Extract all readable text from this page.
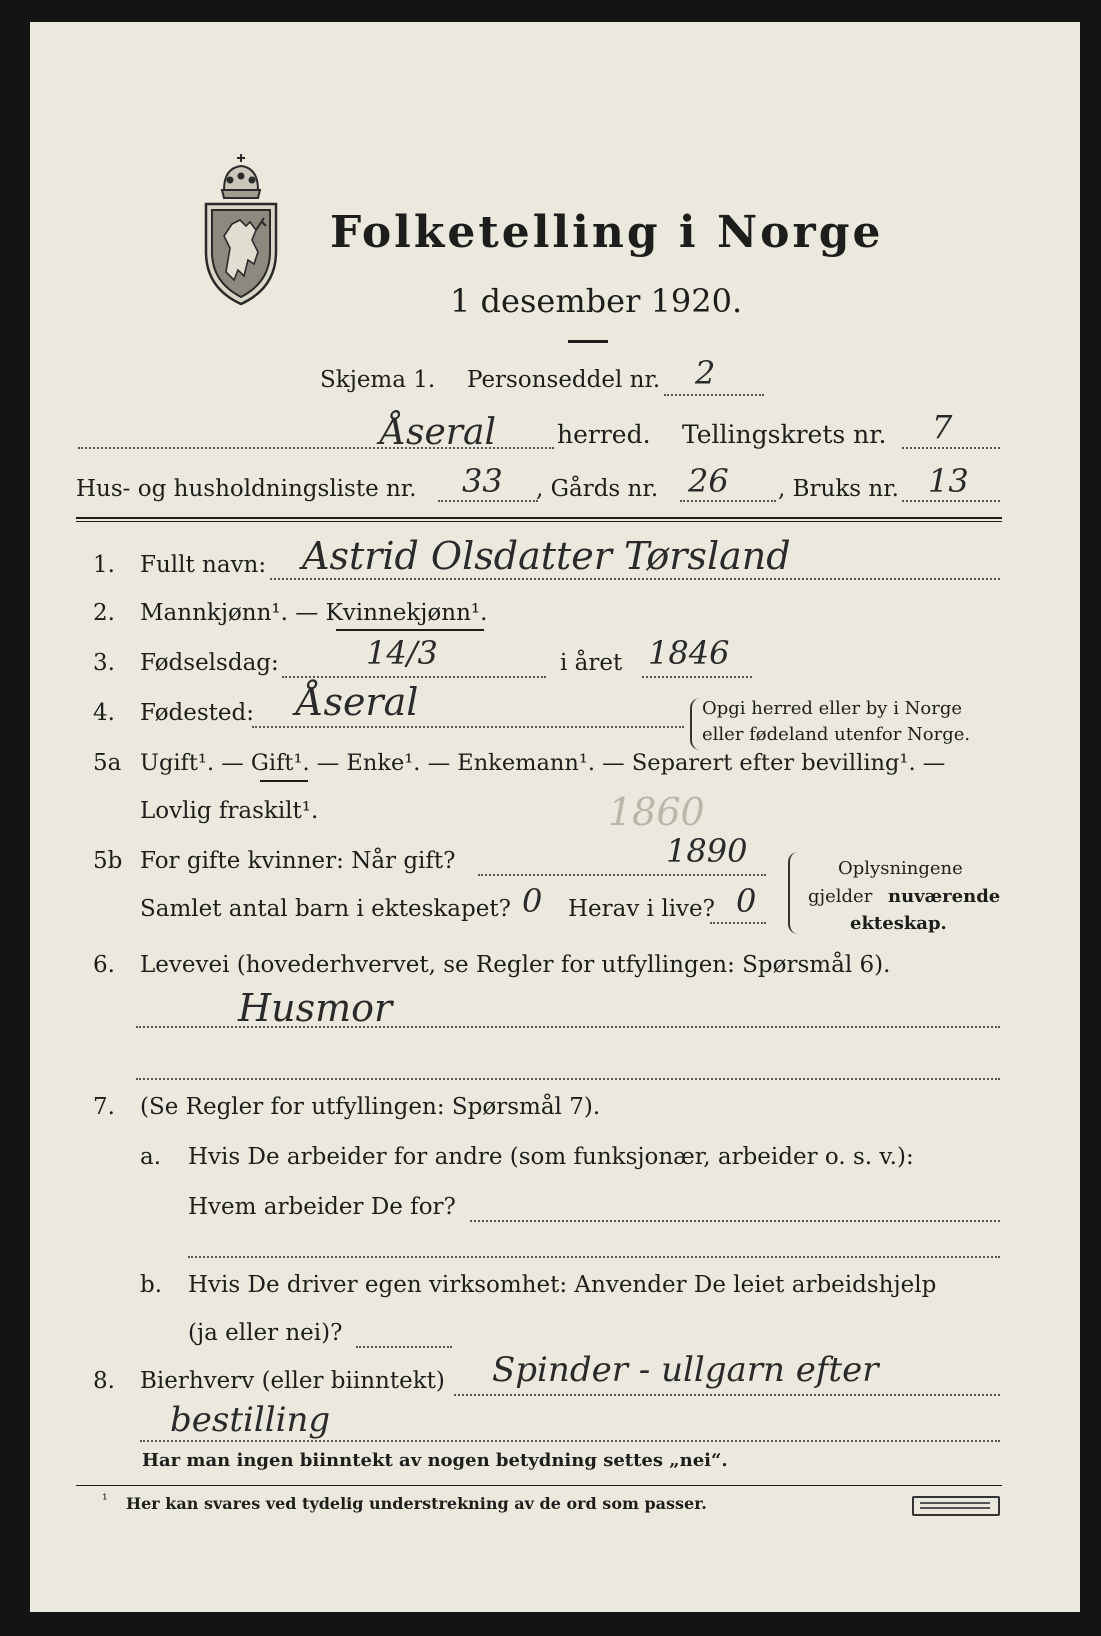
Folketelling i Norge
1 desember 1920.
Skjema 1. Personseddel nr. 2
Åseral herred. Tellingskrets nr. 7
Hus- og husholdningsliste nr. 33 , Gårds nr. 26 , Bruks nr. 13
1. Fullt navn: Astrid Olsdatter Tørsland
2. Mannkjønn¹. — Kvinnekjønn¹.
3. Fødselsdag:	14/3	i året 1846
4. Fødested: Åseral	Opgi herred eller by i Norge
eller fødeland utenfor Norge.
5a Ugift¹. — Gift¹. — Enke¹. — Enkemann¹. — Separert efter bevilling¹. —
Lovlig fraskilt¹.	1860
5b For gifte kvinner: Når gift?	1890
Samlet antal barn i ekteskapet? 0 Herav i live? 0
Oplysningene
gjelder nuværende
ekteskap.
6. Levevei (hovederhvervet, se Regler for utfyllingen: Spørsmål 6).
Husmor
7. (Se Regler for utfyllingen: Spørsmål 7).
a. Hvis De arbeider for andre (som funksjonær, arbeider o. s. v.):
Hvem arbeider De for?
b. Hvis De driver egen virksomhet: Anvender De leiet arbeidshjelp
(ja eller nei)?
8. Bierhverv (eller biinntekt) Spinder - ullgarn efter
bestilling
Har man ingen biinntekt av nogen betydning settes „nei“.
¹ Her kan svares ved tydelig understrekning av de ord som passer.
